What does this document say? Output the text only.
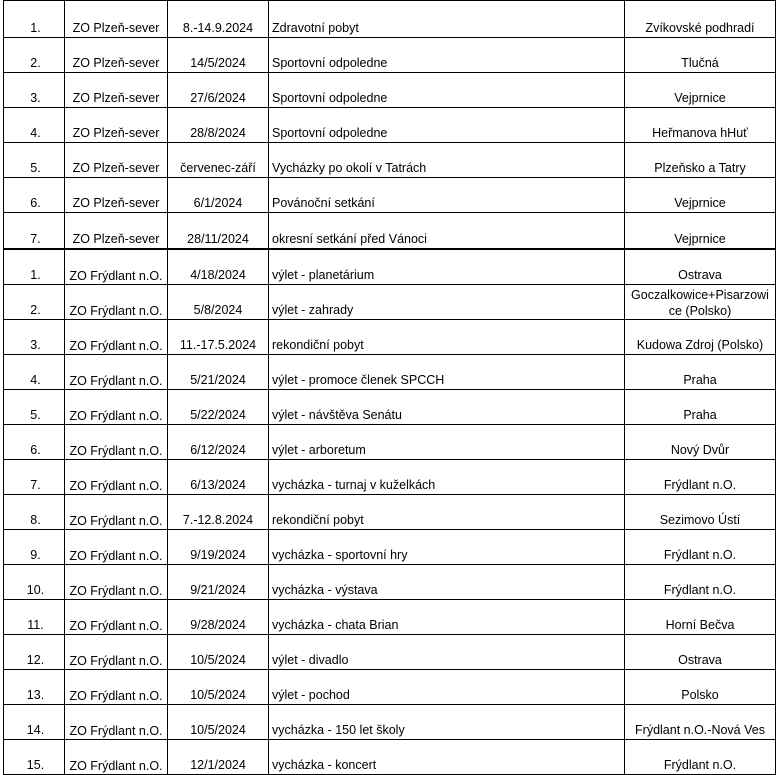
1.	ZO Plzeň-sever	8.-14.9.2024	Zdravotní pobyt	Zvíkovské podhradí
2.	ZO Plzeň-sever	14/5/2024	Sportovní odpoledne	Tlučná
3.	ZO Plzeň-sever	27/6/2024	Sportovní odpoledne	Vejprnice
4.	ZO Plzeň-sever	28/8/2024	Sportovní odpoledne	Heřmanova hHuť
5.	ZO Plzeň-sever	červenec-září	Vycházky po okolí v Tatrách	Plzeňsko a Tatry
6.	ZO Plzeň-sever	6/1/2024	Povánoční setkání	Vejprnice
7.	ZO Plzeň-sever	28/11/2024	okresní setkání před Vánoci	Vejprnice
1.	ZO Frýdlant n.O.	4/18/2024	výlet - planetárium	Ostrava
2.	ZO Frýdlant n.O.	5/8/2024	výlet - zahrady	Goczalkowice+Pisarzowice (Polsko)
3.	ZO Frýdlant n.O.	11.-17.5.2024	rekondiční pobyt	Kudowa Zdroj (Polsko)
4.	ZO Frýdlant n.O.	5/21/2024	výlet - promoce členek SPCCH	Praha
5.	ZO Frýdlant n.O.	5/22/2024	výlet - návštěva Senátu	Praha
6.	ZO Frýdlant n.O.	6/12/2024	výlet - arboretum	Nový Dvůr
7.	ZO Frýdlant n.O.	6/13/2024	vycházka - turnaj v kuželkách	Frýdlant n.O.
8.	ZO Frýdlant n.O.	7.-12.8.2024	rekondiční pobyt	Sezimovo Ústí
9.	ZO Frýdlant n.O.	9/19/2024	vycházka - sportovní hry	Frýdlant n.O.
10.	ZO Frýdlant n.O.	9/21/2024	vycházka - výstava	Frýdlant n.O.
11.	ZO Frýdlant n.O.	9/28/2024	vycházka - chata Brian	Horní Bečva
12.	ZO Frýdlant n.O.	10/5/2024	výlet - divadlo	Ostrava
13.	ZO Frýdlant n.O.	10/5/2024	výlet - pochod	Polsko
14.	ZO Frýdlant n.O.	10/5/2024	vycházka - 150 let školy	Frýdlant n.O.-Nová Ves
15.	ZO Frýdlant n.O.	12/1/2024	vycházka - koncert	Frýdlant n.O.
